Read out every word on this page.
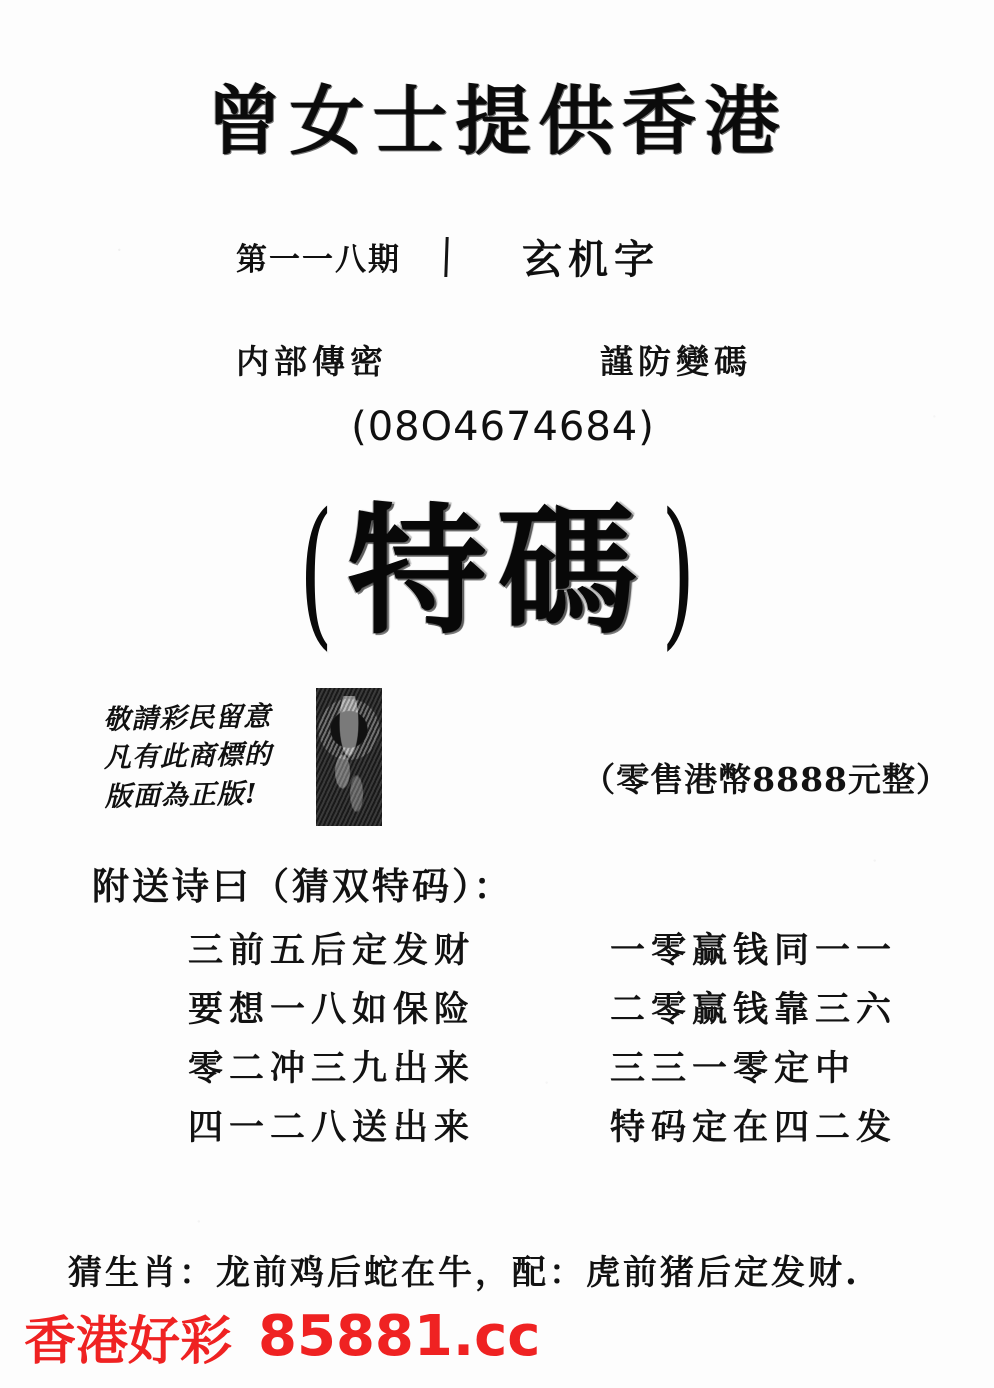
曾女士提供香港
第一一八期	玄机字
内部傳密	謹防變碼
(08O4674684)
( 特碼 )
敬請彩民留意
凡有此商標的
版面為正版!	（零售港幣8888元整）
附送诗曰（猜双特码）：
三前五后定发财	一零赢钱同一一
要想一八如保险	二零赢钱靠三六
零二冲三九出来	三三一零定中
四一二八送出来	特码定在四二发
猜生肖：龙前鸡后蛇在牛，配：虎前猪后定发财.
香港好彩 85881.cc
